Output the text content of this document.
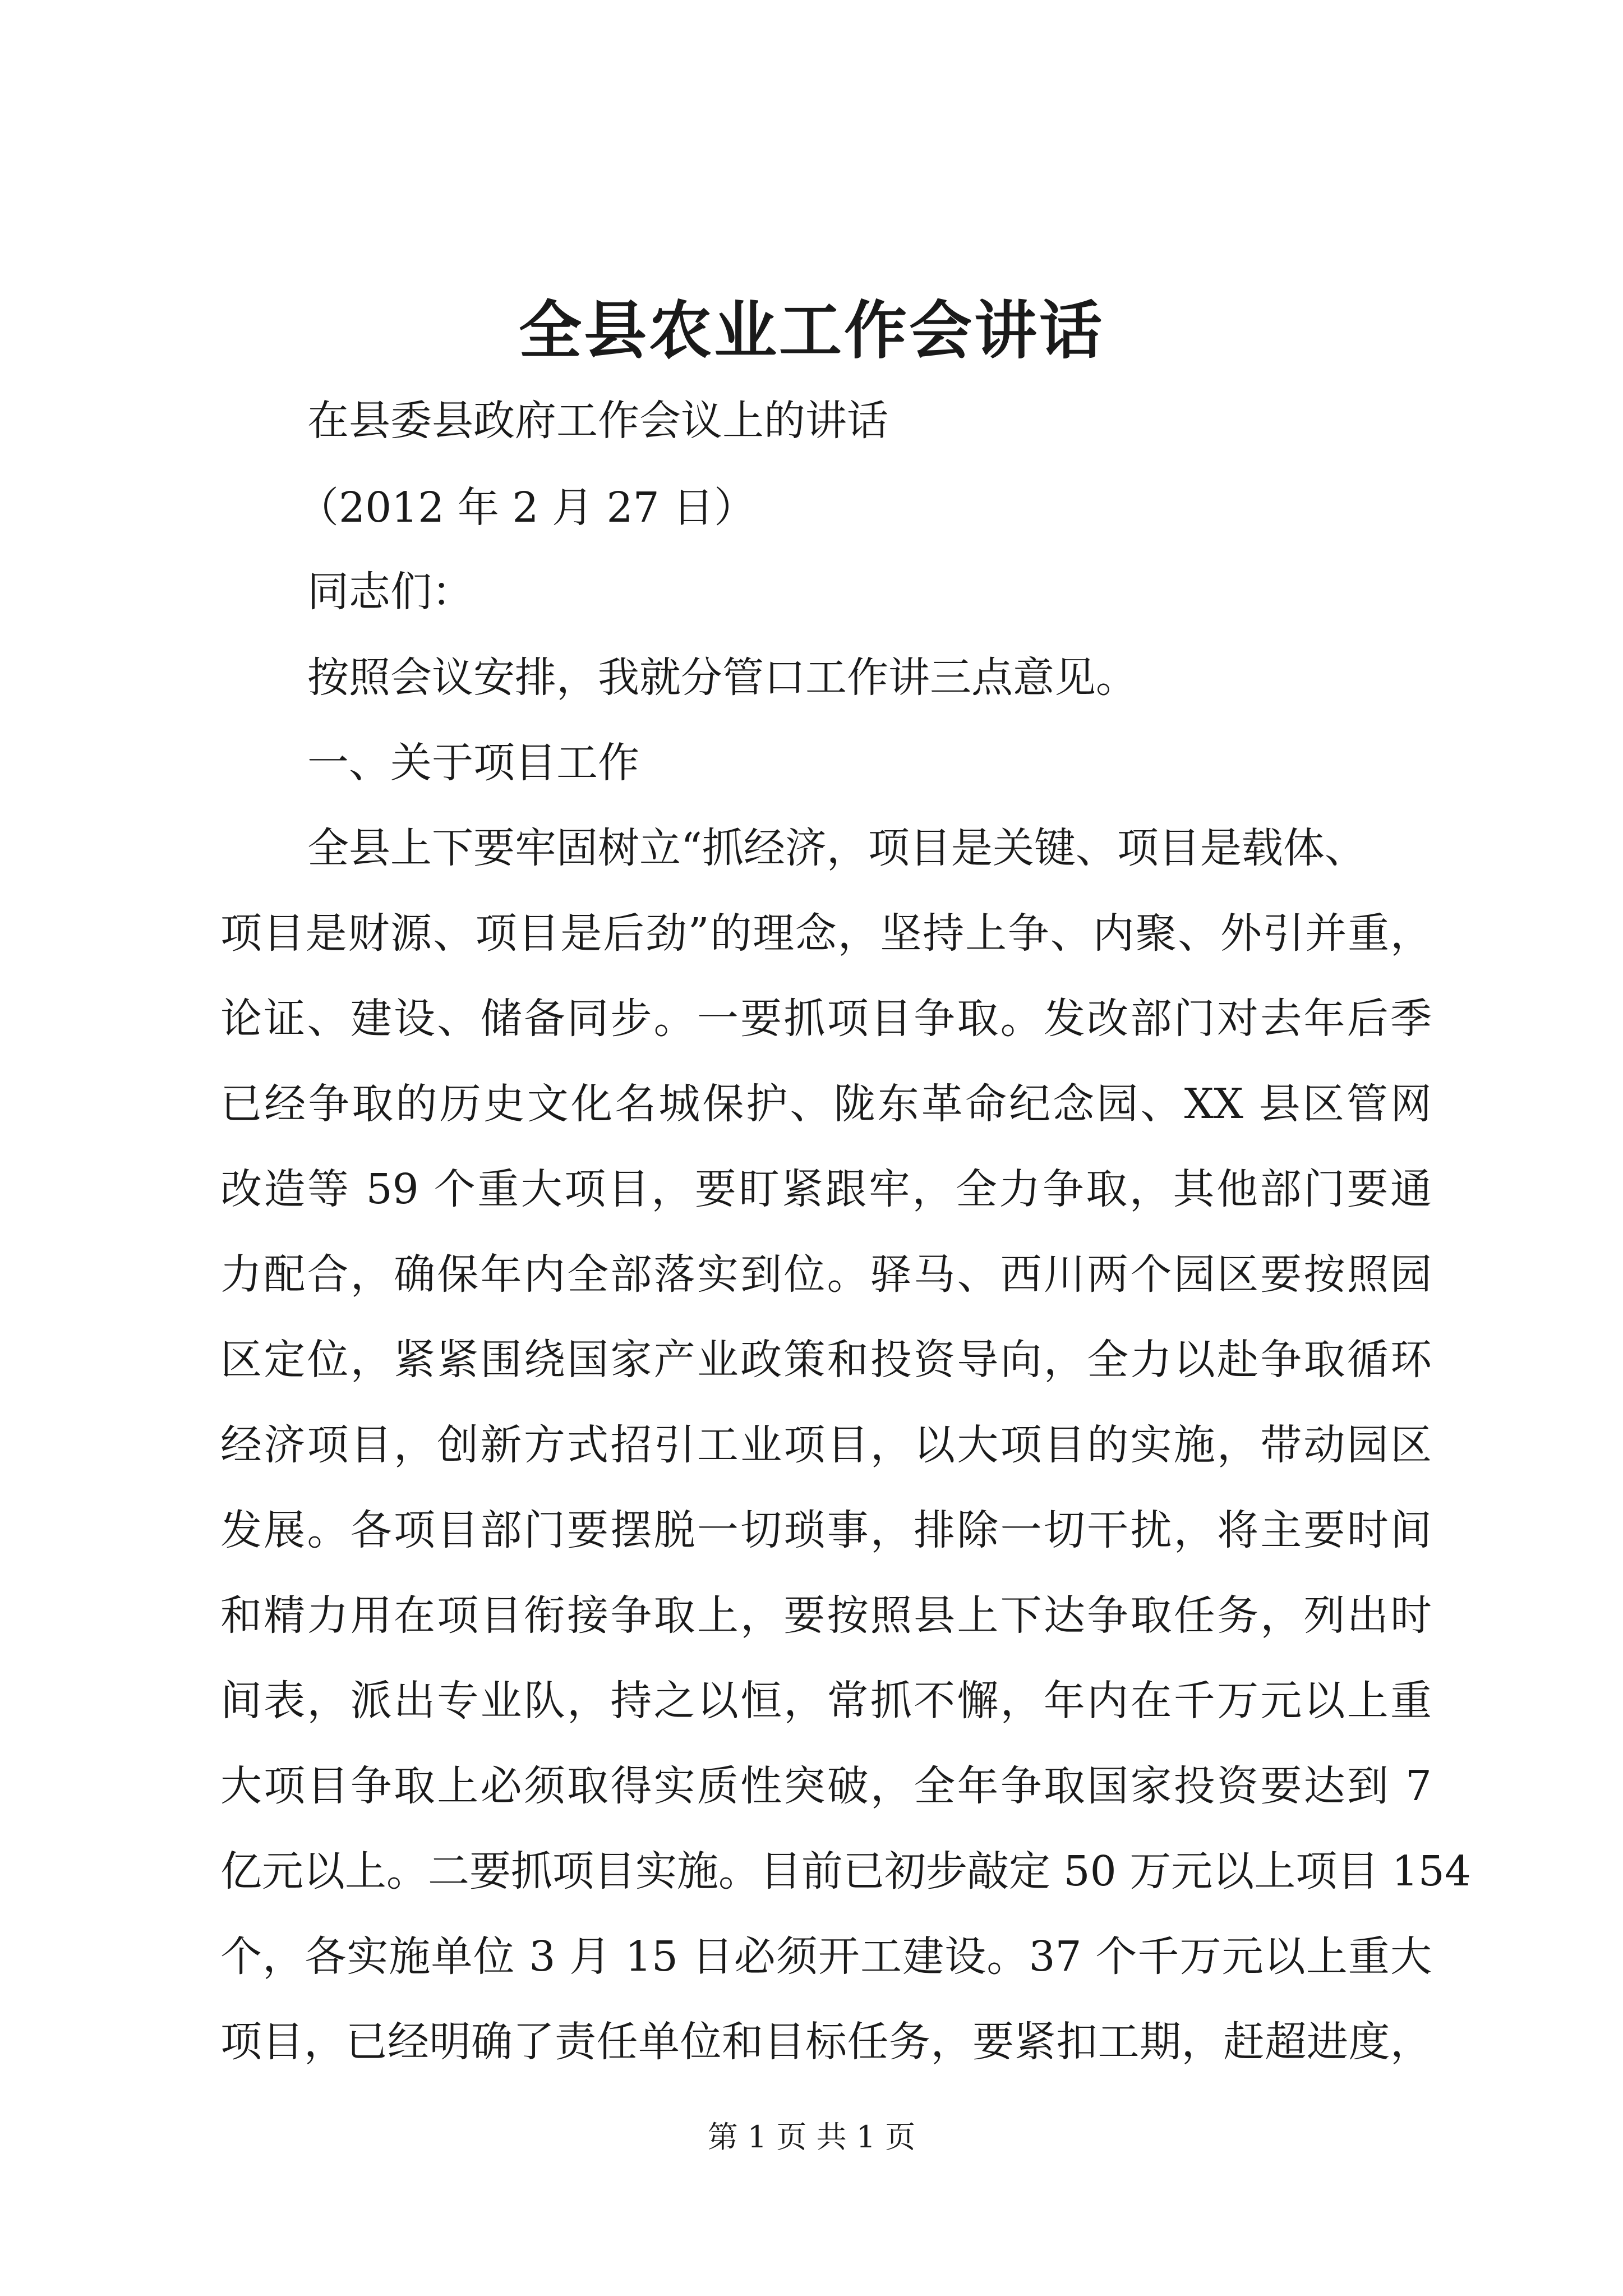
全县农业工作会讲话

在县委县政府工作会议上的讲话

（2012 年 2 月 27 日）

同志们：

按照会议安排，我就分管口工作讲三点意见。

一、关于项目工作

全县上下要牢固树立“抓经济，项目是关键、项目是载体、

项目是财源、项目是后劲”的理念，坚持上争、内聚、外引并重，

论证、建设、储备同步。一要抓项目争取。发改部门对去年后季

已经争取的历史文化名城保护、陇东革命纪念园、XX 县区管网

改造等 59 个重大项目，要盯紧跟牢，全力争取，其他部门要通

力配合，确保年内全部落实到位。驿马、西川两个园区要按照园

区定位，紧紧围绕国家产业政策和投资导向，全力以赴争取循环

经济项目，创新方式招引工业项目，以大项目的实施，带动园区

发展。各项目部门要摆脱一切琐事，排除一切干扰，将主要时间

和精力用在项目衔接争取上，要按照县上下达争取任务，列出时

间表，派出专业队，持之以恒，常抓不懈，年内在千万元以上重

大项目争取上必须取得实质性突破，全年争取国家投资要达到 7

亿元以上。二要抓项目实施。目前已初步敲定 50 万元以上项目 154

个，各实施单位 3 月 15 日必须开工建设。37 个千万元以上重大

项目，已经明确了责任单位和目标任务，要紧扣工期，赶超进度，

第 1 页 共 1 页
